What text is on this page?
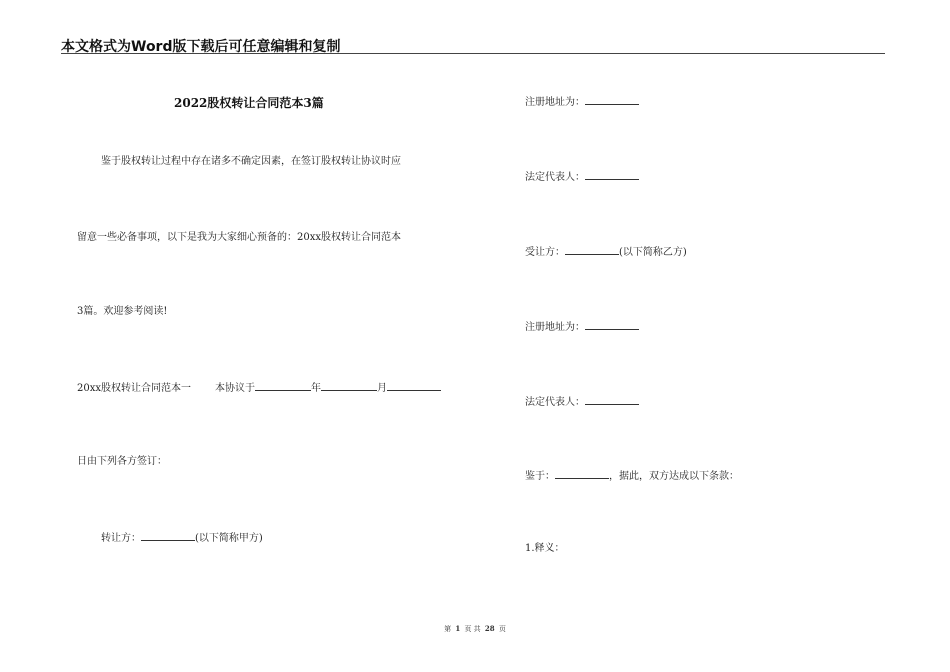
本文格式为Word版下载后可任意编辑和复制
2022股权转让合同范本3篇
鉴于股权转让过程中存在诸多不确定因素，在签订股权转让协议时应
留意一些必备事项，以下是我为大家细心预备的：20xx股权转让合同范本
3篇。欢迎参考阅读!
20xx股权转让合同范本一 本协议于	年	月
日由下列各方签订：
转让方：	(以下简称甲方)
注册地址为：
法定代表人：
受让方：	(以下简称乙方)
注册地址为：
法定代表人：
鉴于：	，据此，双方达成以下条款：
1.释义：
第 1 页 共 28 页
